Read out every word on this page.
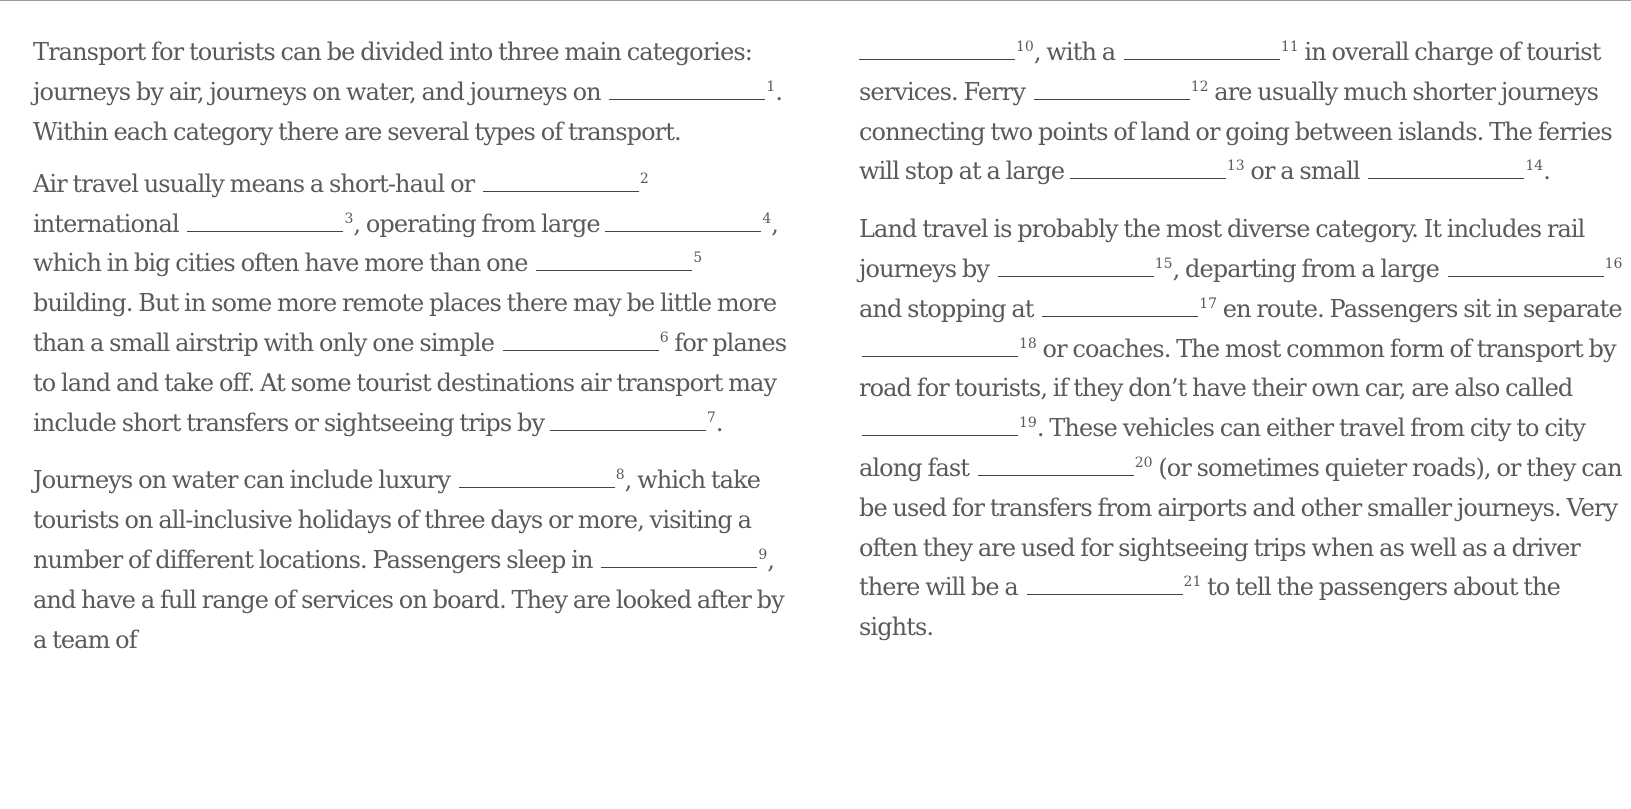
Transport for tourists can be divided into three main categories: journeys by air, journeys on water, and journeys on	$^1$. Within each category there are several types of transport.

Air travel usually means a short-haul or	$^2$ international	$^3$, operating from large	$^4$, which in big cities often have more than one	$^5$ building. But in some more remote places there may be little more than a small airstrip with only one simple	$^6$ for planes to land and take off. At some tourist destinations air transport may include short transfers or sightseeing trips by	$^7$.

Journeys on water can include luxury	$^8$, which take tourists on all-inclusive holidays of three days or more, visiting a number of different locations. Passengers sleep in	$^9$, and have a full range of services on board. They are looked after by a team of

$^{10}$, with a	$^{11}$ in overall charge of tourist services. Ferry	$^{12}$ are usually much shorter journeys connecting two points of land or going between islands. The ferries will stop at a large	$^{13}$ or a small	$^{14}$.

Land travel is probably the most diverse category. It includes rail journeys by	$^{15}$, departing from a large	$^{16}$ and stopping at	$^{17}$ en route. Passengers sit in separate $^{18}$ or coaches. The most common form of transport by road for tourists, if they don’t have their own car, are also called $^{19}$. These vehicles can either travel from city to city along fast	$^{20}$ (or sometimes quieter roads), or they can be used for transfers from airports and other smaller journeys. Very often they are used for sightseeing trips when as well as a driver there will be a	$^{21}$ to tell the passengers about the sights.
